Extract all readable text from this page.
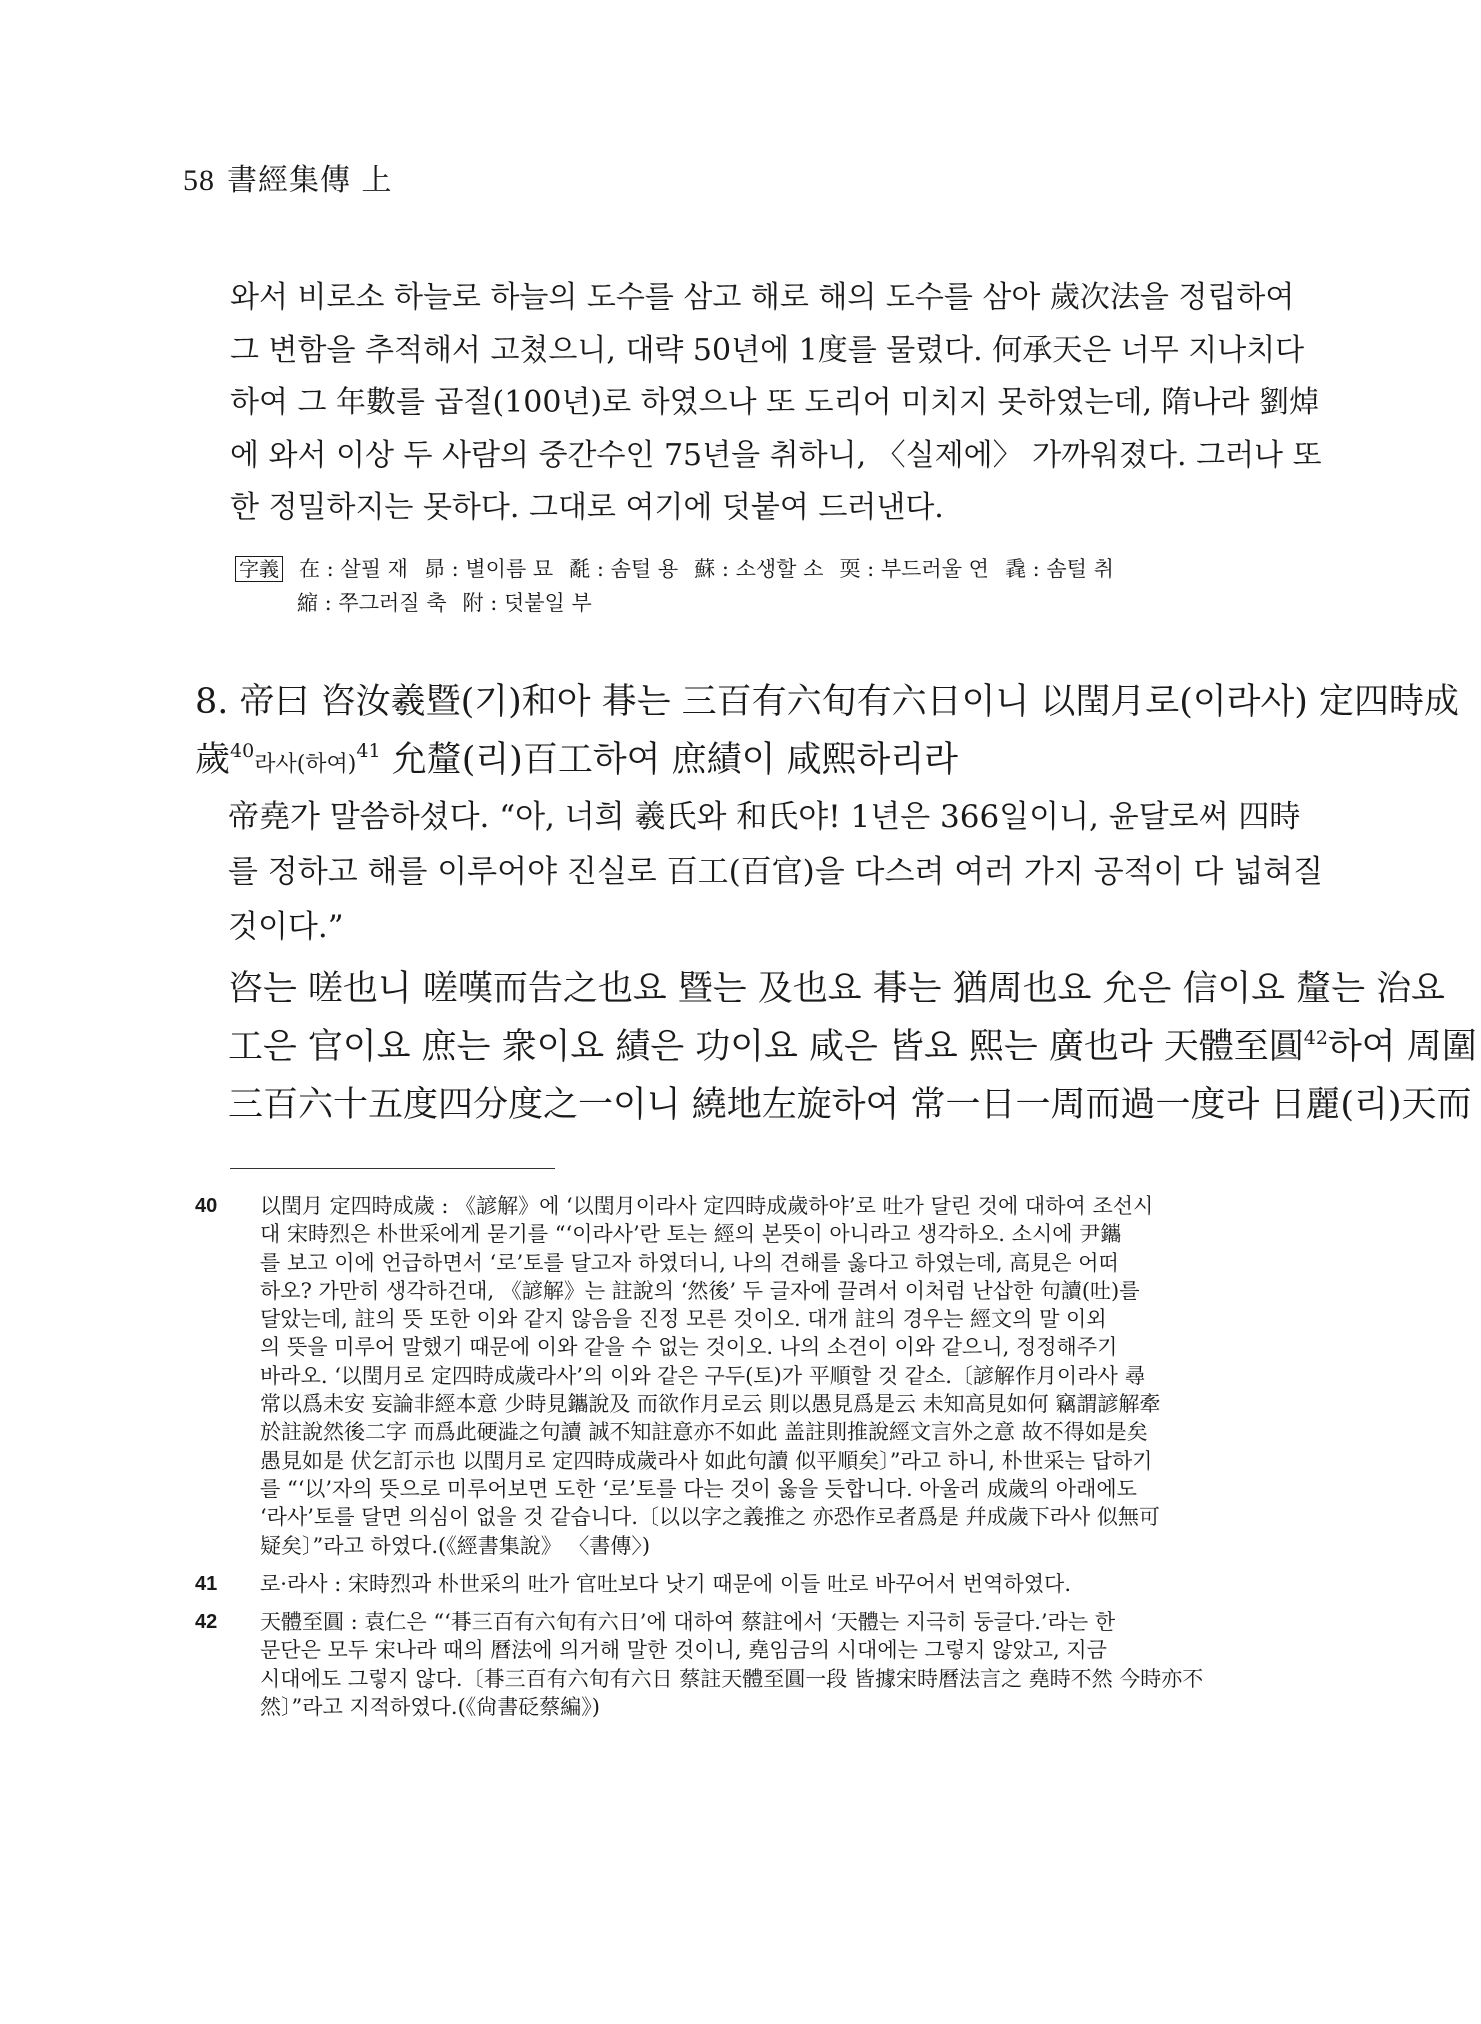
58 書經集傳 上
와서 비로소 하늘로 하늘의 도수를 삼고 해로 해의 도수를 삼아 歲次法을 정립하여
그 변함을 추적해서 고쳤으니, 대략 50년에 1度를 물렸다. 何承天은 너무 지나치다
하여 그 年數를 곱절(100년)로 하였으나 또 도리어 미치지 못하였는데, 隋나라 劉焯
에 와서 이상 두 사람의 중간수인 75년을 취하니, 〈실제에〉 가까워졌다. 그러나 또
한 정밀하지는 못하다. 그대로 여기에 덧붙여 드러낸다.
字義 在 : 살필 재 昴 : 별이름 묘 氄 : 솜털 용 蘇 : 소생할 소 耎 : 부드러울 연 毳 : 솜털 취
縮 : 쭈그러질 축 附 : 덧붙일 부
8. 帝曰 咨汝羲暨(기)和아 朞는 三百有六旬有六日이니 以閏月로(이라사) 定四時成
歲$^{40}$라사(하여)$^{41}$ 允釐(리)百工하여 庶績이 咸熙하리라
帝堯가 말씀하셨다. “아, 너희 羲氏와 和氏야! 1년은 366일이니, 윤달로써 四時
를 정하고 해를 이루어야 진실로 百工(百官)을 다스려 여러 가지 공적이 다 넓혀질
것이다.”
咨는 嗟也니 嗟嘆而告之也요 暨는 及也요 朞는 猶周也요 允은 信이요 釐는 治요
工은 官이요 庶는 衆이요 績은 功이요 咸은 皆요 熙는 廣也라 天體至圓$^{42}$하여 周圍
三百六十五度四分度之一이니 繞地左旋하여 常一日一周而過一度라 日麗(리)天而
40 以閏月 定四時成歲 : 《諺解》에 ‘以閏月이라사 定四時成歲하야’로 吐가 달린 것에 대하여 조선시
대 宋時烈은 朴世采에게 묻기를 “‘이라사’란 토는 經의 본뜻이 아니라고 생각하오. 소시에 尹鑴
를 보고 이에 언급하면서 ‘로’토를 달고자 하였더니, 나의 견해를 옳다고 하였는데, 高見은 어떠
하오? 가만히 생각하건대, 《諺解》는 註說의 ‘然後’ 두 글자에 끌려서 이처럼 난삽한 句讀(吐)를
달았는데, 註의 뜻 또한 이와 같지 않음을 진정 모른 것이오. 대개 註의 경우는 經文의 말 이외
의 뜻을 미루어 말했기 때문에 이와 같을 수 없는 것이오. 나의 소견이 이와 같으니, 정정해주기
바라오. ‘以閏月로 定四時成歲라사’의 이와 같은 구두(토)가 平順할 것 같소.〔諺解作月이라사 尋
常以爲未安 妄論非經本意 少時見鑴說及 而欲作月로云 則以愚見爲是云 未知高見如何 竊謂諺解牽
於註說然後二字 而爲此硬澁之句讀 誠不知註意亦不如此 盖註則推說經文言外之意 故不得如是矣
愚見如是 伏乞訂示也 以閏月로 定四時成歲라사 如此句讀 似平順矣〕”라고 하니, 朴世采는 답하기
를 “‘以’자의 뜻으로 미루어보면 도한 ‘로’토를 다는 것이 옳을 듯합니다. 아울러 成歲의 아래에도
‘라사’토를 달면 의심이 없을 것 같습니다.〔以以字之義推之 亦恐作로者爲是 幷成歲下라사 似無可
疑矣〕”라고 하였다.(《經書集說》 〈書傳〉)
41 로·라사 : 宋時烈과 朴世采의 吐가 官吐보다 낫기 때문에 이들 吐로 바꾸어서 번역하였다.
42 天體至圓 : 袁仁은 “‘朞三百有六旬有六日’에 대하여 蔡註에서 ‘天體는 지극히 둥글다.’라는 한
문단은 모두 宋나라 때의 曆法에 의거해 말한 것이니, 堯임금의 시대에는 그렇지 않았고, 지금
시대에도 그렇지 않다.〔朞三百有六旬有六日 蔡註天體至圓一段 皆據宋時曆法言之 堯時不然 今時亦不
然〕”라고 지적하였다.(《尙書砭蔡編》)
